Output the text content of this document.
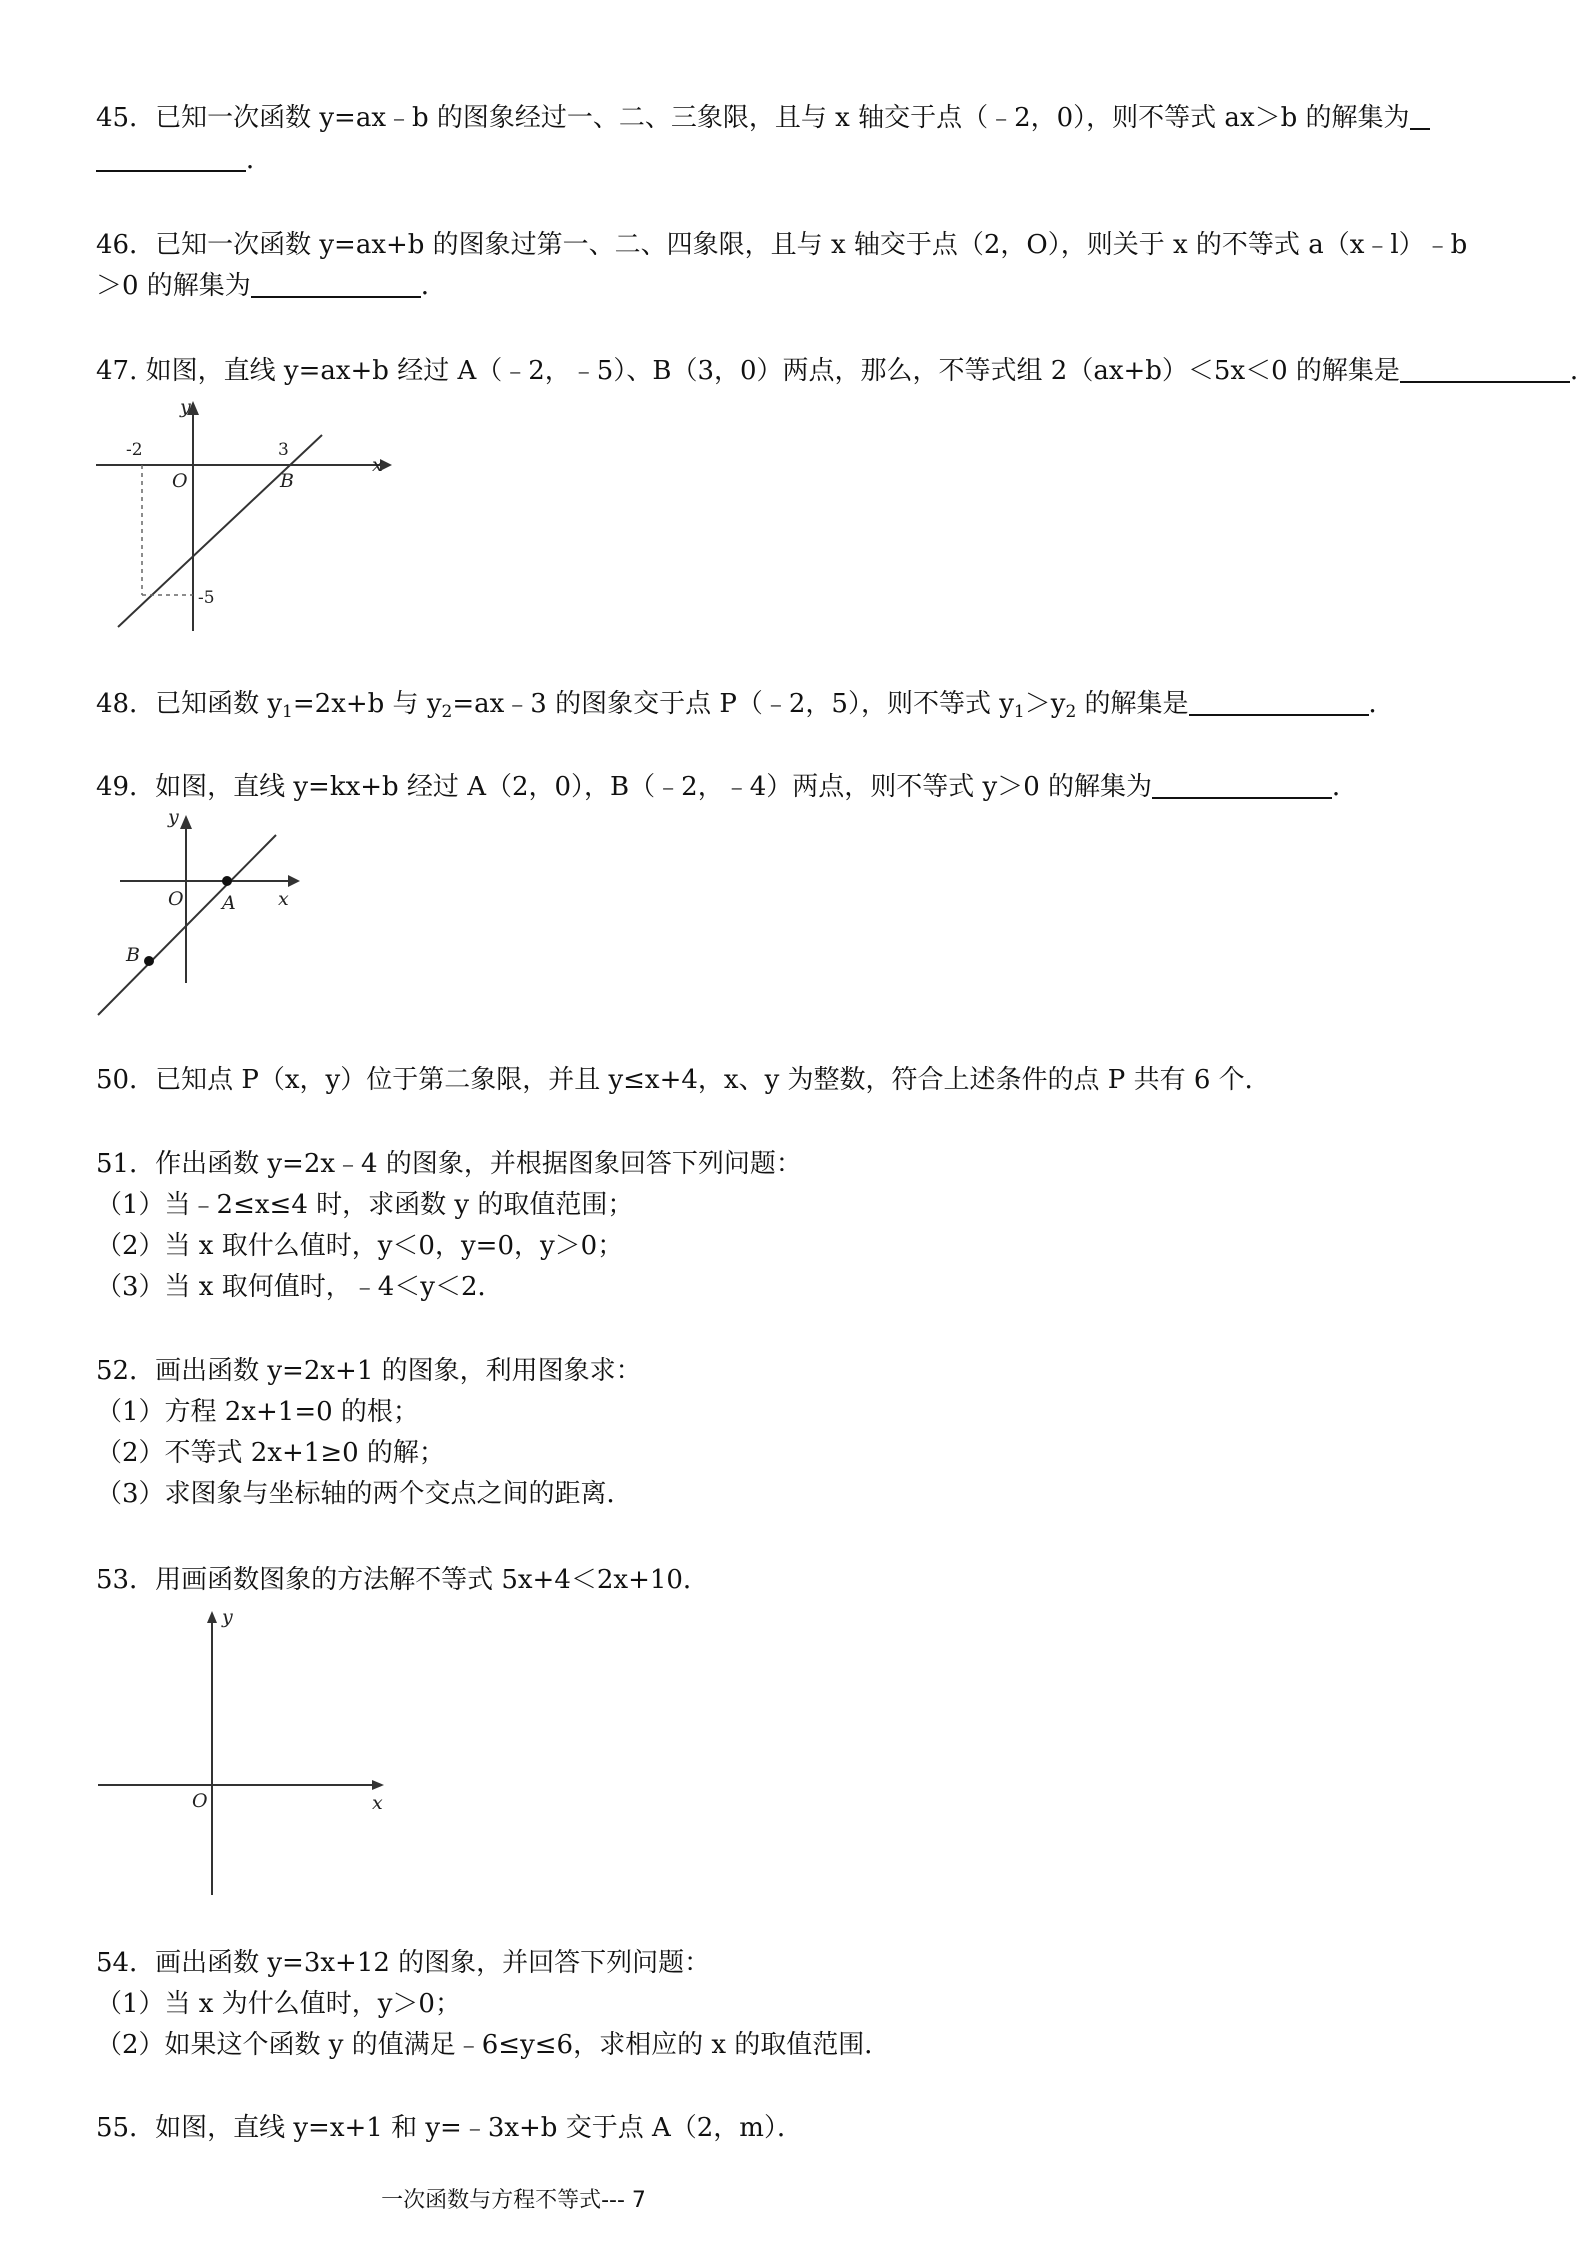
45．已知一次函数 y=ax﹣b 的图象经过一、二、三象限，且与 x 轴交于点（﹣2，0），则不等式 ax＞b 的解集为
．
46．已知一次函数 y=ax+b 的图象过第一、二、四象限，且与 x 轴交于点（2，O），则关于 x 的不等式 a（x﹣l）﹣b
＞0 的解集为	．
47. 如图，直线 y=ax+b 经过 A（﹣2，﹣5）、B（3，0）两点，那么，不等式组 2（ax+b）＜5x＜0 的解集是	．
y
x
O	B
-2	3
-5
48．已知函数 $y_1=2x+b$ 与 $y_2=ax﹣3$ 的图象交于点 P（﹣2，5），则不等式 $y_1>y_2$ 的解集是	．
49．如图，直线 y=kx+b 经过 A（2，0），B（﹣2，﹣4）两点，则不等式 y＞0 的解集为	．
y
x
O A
B
50．已知点 P（x，y）位于第二象限，并且 y≤x+4，x、y 为整数，符合上述条件的点 P 共有 6 个．
51．作出函数 y=2x﹣4 的图象，并根据图象回答下列问题：
（1）当﹣2≤x≤4 时，求函数 y 的取值范围；
（2）当 x 取什么值时，y＜0，y=0，y＞0；
（3）当 x 取何值时，﹣4＜y＜2．
52．画出函数 y=2x+1 的图象，利用图象求：
（1）方程 2x+1=0 的根；
（2）不等式 2x+1≥0 的解；
（3）求图象与坐标轴的两个交点之间的距离．
53．用画函数图象的方法解不等式 5x+4＜2x+10．
y
x
O
54．画出函数 y=3x+12 的图象，并回答下列问题：
（1）当 x 为什么值时，y＞0；
（2）如果这个函数 y 的值满足﹣6≤y≤6，求相应的 x 的取值范围．
55．如图，直线 y=x+1 和 y=﹣3x+b 交于点 A（2，m）．
一次函数与方程不等式--- 7
